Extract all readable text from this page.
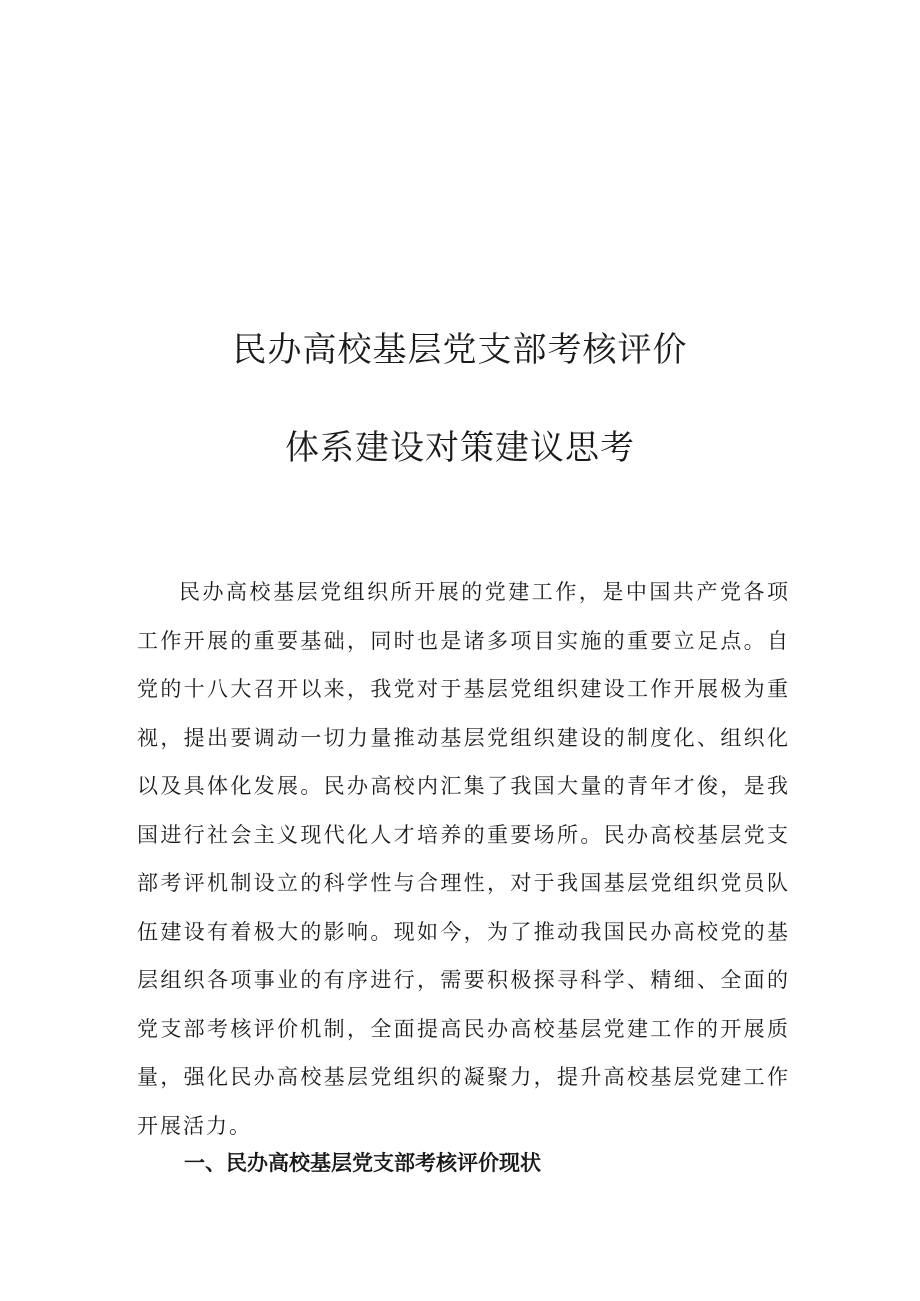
民办高校基层党支部考核评价
体系建设对策建议思考

民办高校基层党组织所开展的党建工作，是中国共产党各项工作开展的重要基础，同时也是诸多项目实施的重要立足点。自党的十八大召开以来，我党对于基层党组织建设工作开展极为重视，提出要调动一切力量推动基层党组织建设的制度化、组织化以及具体化发展。民办高校内汇集了我国大量的青年才俊，是我国进行社会主义现代化人才培养的重要场所。民办高校基层党支部考评机制设立的科学性与合理性，对于我国基层党组织党员队伍建设有着极大的影响。现如今，为了推动我国民办高校党的基层组织各项事业的有序进行，需要积极探寻科学、精细、全面的党支部考核评价机制，全面提高民办高校基层党建工作的开展质量，强化民办高校基层党组织的凝聚力，提升高校基层党建工作开展活力。

一、民办高校基层党支部考核评价现状
